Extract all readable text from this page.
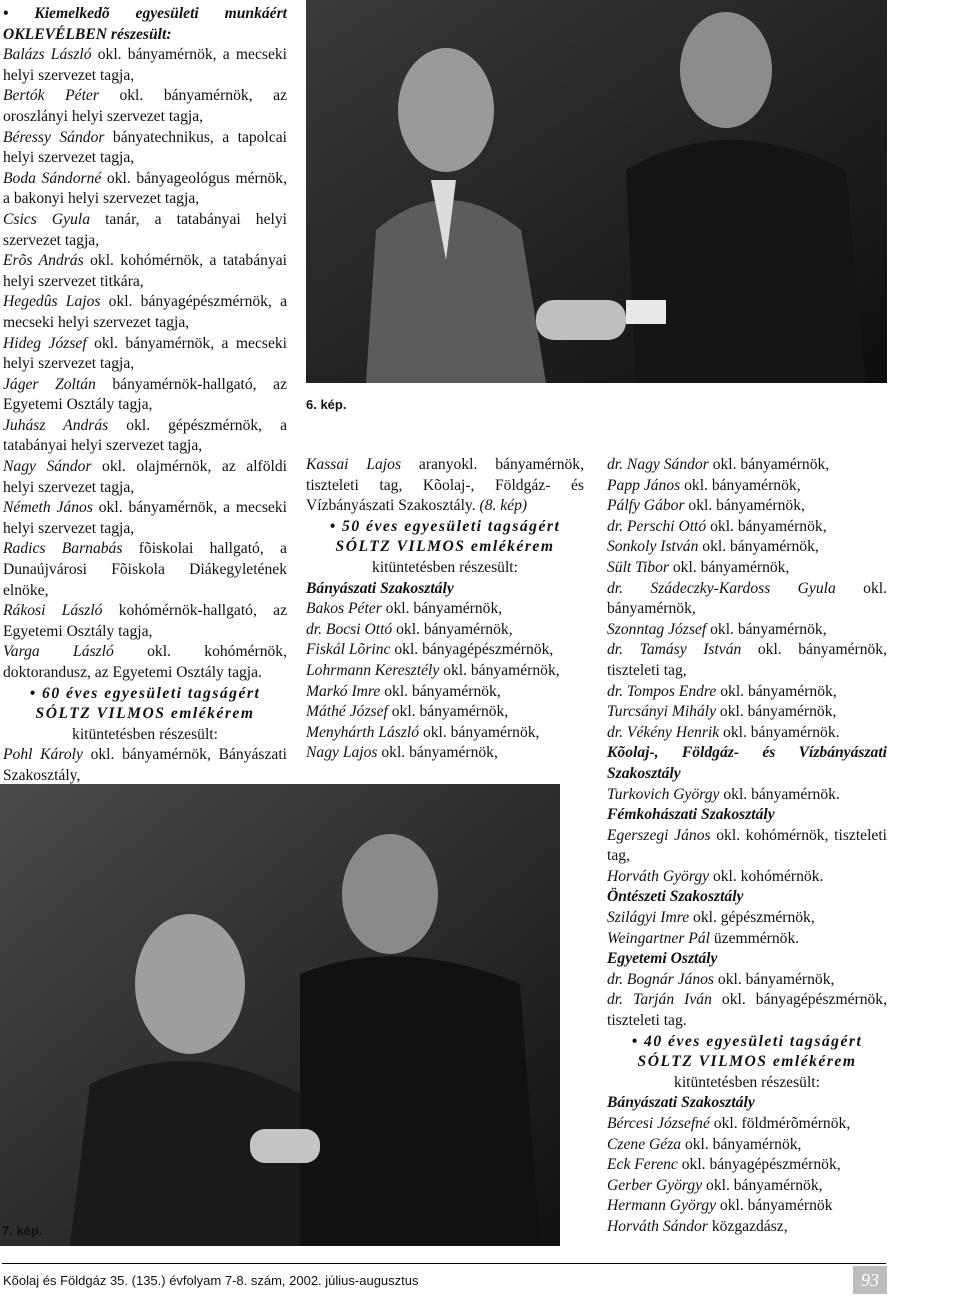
6. kép.
7. kép.

• Kiemelkedõ egyesületi munkáért OKLEVÉLBEN részesült:

Balázs László okl. bányamérnök, a mecseki helyi szervezet tagja,

Bertók Péter okl. bányamérnök, az oroszlányi helyi szervezet tagja,

Béressy Sándor bányatechnikus, a tapolcai helyi szervezet tagja,

Boda Sándorné okl. bányageológus mérnök, a bakonyi helyi szervezet tagja,

Csics Gyula tanár, a tatabányai helyi szervezet tagja,

Erõs András okl. kohómérnök, a tatabányai helyi szervezet titkára,

Hegedûs Lajos okl. bányagépészmérnök, a mecseki helyi szervezet tagja,

Hideg József okl. bányamérnök, a mecseki helyi szervezet tagja,

Jáger Zoltán bányamérnök-hallgató, az Egyetemi Osztály tagja,

Juhász András okl. gépészmérnök, a tatabányai helyi szervezet tagja,

Nagy Sándor okl. olajmérnök, az alföldi helyi szervezet tagja,

Németh János okl. bányamérnök, a mecseki helyi szervezet tagja,

Radics Barnabás fõiskolai hallgató, a Dunaújvárosi Fõiskola Diákegyletének elnöke,

Rákosi László kohómérnök-hallgató, az Egyetemi Osztály tagja,

Varga László okl. kohómérnök, doktorandusz, az Egyetemi Osztály tagja.

• 60 éves egyesületi tagságért SÓLTZ VILMOS emlékérem kitüntetésben részesült:

Pohl Károly okl. bányamérnök, Bányászati Szakosztály,

Kassai Lajos aranyokl. bányamérnök, tiszteleti tag, Kõolaj-, Földgáz- és Vízbányászati Szakosztály. (8. kép)

• 50 éves egyesületi tagságért SÓLTZ VILMOS emlékérem kitüntetésben részesült:

Bányászati Szakosztály

Bakos Péter okl. bányamérnök,

dr. Bocsi Ottó okl. bányamérnök,

Fiskál Lõrinc okl. bányagépészmérnök,

Lohrmann Keresztély okl. bányamérnök,

Markó Imre okl. bányamérnök,

Máthé József okl. bányamérnök,

Menyhárth László okl. bányamérnök,

Nagy Lajos okl. bányamérnök,

dr. Nagy Sándor okl. bányamérnök,

Papp János okl. bányamérnök,

Pálfy Gábor okl. bányamérnök,

dr. Perschi Ottó okl. bányamérnök,

Sonkoly István okl. bányamérnök,

Sült Tibor okl. bányamérnök,

dr. Szádeczky-Kardoss Gyula okl. bányamérnök,

Szonntag József okl. bányamérnök,

dr. Tamásy István okl. bányamérnök, tiszteleti tag,

dr. Tompos Endre okl. bányamérnök,

Turcsányi Mihály okl. bányamérnök,

dr. Vékény Henrik okl. bányamérnök.

Kõolaj-, Földgáz- és Vízbányászati Szakosztály

Turkovich György okl. bányamérnök.

Fémkohászati Szakosztály

Egerszegi János okl. kohómérnök, tiszteleti tag,

Horváth György okl. kohómérnök.

Öntészeti Szakosztály

Szilágyi Imre okl. gépészmérnök,

Weingartner Pál üzemmérnök.

Egyetemi Osztály

dr. Bognár János okl. bányamérnök,

dr. Tarján Iván okl. bányagépészmérnök, tiszteleti tag.

• 40 éves egyesületi tagságért SÓLTZ VILMOS emlékérem kitüntetésben részesült:

Bányászati Szakosztály

Bércesi Józsefné okl. földmérõmérnök,

Czene Géza okl. bányamérnök,

Eck Ferenc okl. bányagépészmérnök,

Gerber György okl. bányamérnök,

Hermann György okl. bányamérnök

Horváth Sándor közgazdász,

Kõolaj és Földgáz 35. (135.) évfolyam 7-8. szám, 2002. július-augusztus	93
